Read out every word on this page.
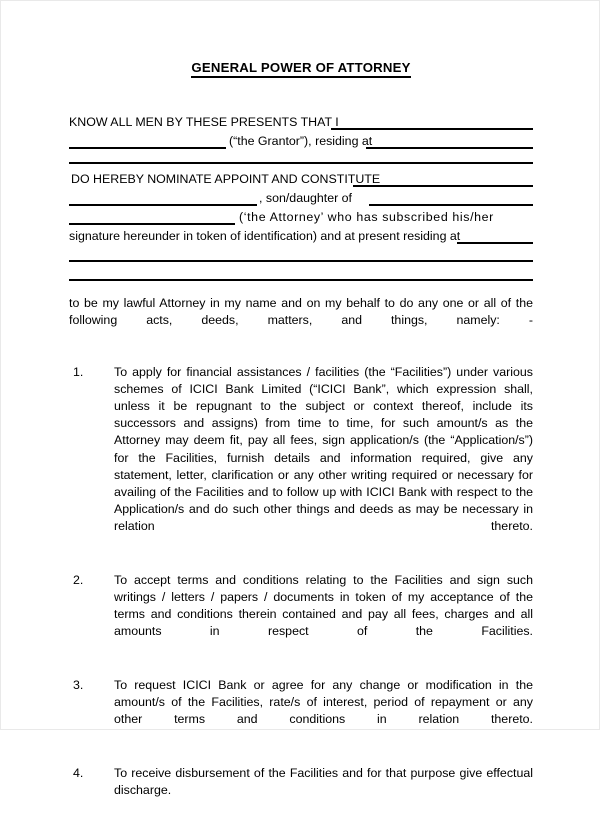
GENERAL POWER OF ATTORNEY
KNOW ALL MEN BY THESE PRESENTS THAT I
(“the Grantor”), residing at
DO HEREBY NOMINATE APPOINT AND CONSTITUTE
, son/daughter of
(‘the Attorney’ who has subscribed his/her
signature hereunder in token of identification) and at present residing at

to be my lawful Attorney in my name and on my behalf to do any one or all of the following acts, deeds, matters, and things, namely: -

1. To apply for financial assistances / facilities (the “Facilities”) under various schemes of ICICI Bank Limited (“ICICI Bank”, which expression shall, unless it be repugnant to the subject or context thereof, include its successors and assigns) from time to time, for such amount/s as the Attorney may deem fit, pay all fees, sign application/s (the “Application/s”) for the Facilities, furnish details and information required, give any statement, letter, clarification or any other writing required or necessary for availing of the Facilities and to follow up with ICICI Bank with respect to the Application/s and do such other things and deeds as may be necessary in relation thereto.
2. To accept terms and conditions relating to the Facilities and sign such writings / letters / papers / documents in token of my acceptance of the terms and conditions therein contained and pay all fees, charges and all amounts in respect of the Facilities.
3. To request ICICI Bank or agree for any change or modification in the amount/s of the Facilities, rate/s of interest, period of repayment or any other terms and conditions in relation thereto.
4. To receive disbursement of the Facilities and for that purpose give effectual discharge.
